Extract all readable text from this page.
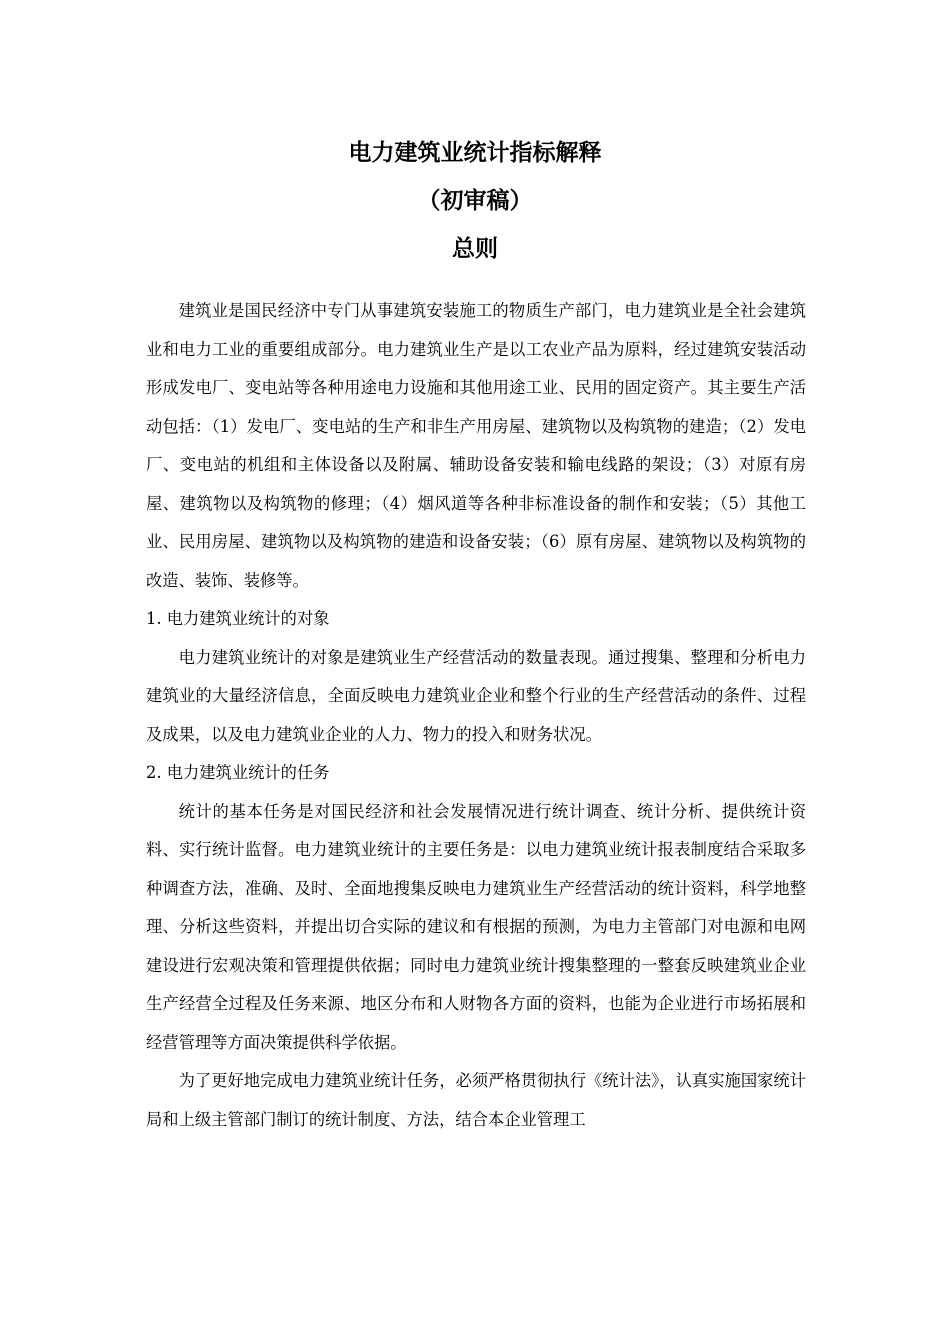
电力建筑业统计指标解释
（初审稿）
总则

建筑业是国民经济中专门从事建筑安装施工的物质生产部门，电力建筑业是全社会建筑业和电力工业的重要组成部分。电力建筑业生产是以工农业产品为原料，经过建筑安装活动形成发电厂、变电站等各种用途电力设施和其他用途工业、民用的固定资产。其主要生产活动包括：（1）发电厂、变电站的生产和非生产用房屋、建筑物以及构筑物的建造；（2）发电厂、变电站的机组和主体设备以及附属、辅助设备安装和输电线路的架设；（3）对原有房屋、建筑物以及构筑物的修理；（4）烟风道等各种非标准设备的制作和安装；（5）其他工业、民用房屋、建筑物以及构筑物的建造和设备安装；（6）原有房屋、建筑物以及构筑物的改造、装饰、装修等。

1. 电力建筑业统计的对象

电力建筑业统计的对象是建筑业生产经营活动的数量表现。通过搜集、整理和分析电力建筑业的大量经济信息，全面反映电力建筑业企业和整个行业的生产经营活动的条件、过程及成果，以及电力建筑业企业的人力、物力的投入和财务状况。

2. 电力建筑业统计的任务

统计的基本任务是对国民经济和社会发展情况进行统计调查、统计分析、提供统计资料、实行统计监督。电力建筑业统计的主要任务是：以电力建筑业统计报表制度结合采取多种调查方法，准确、及时、全面地搜集反映电力建筑业生产经营活动的统计资料，科学地整理、分析这些资料，并提出切合实际的建议和有根据的预测，为电力主管部门对电源和电网建设进行宏观决策和管理提供依据；同时电力建筑业统计搜集整理的一整套反映建筑业企业生产经营全过程及任务来源、地区分布和人财物各方面的资料，也能为企业进行市场拓展和经营管理等方面决策提供科学依据。

为了更好地完成电力建筑业统计任务，必须严格贯彻执行《统计法》，认真实施国家统计局和上级主管部门制订的统计制度、方法，结合本企业管理工
